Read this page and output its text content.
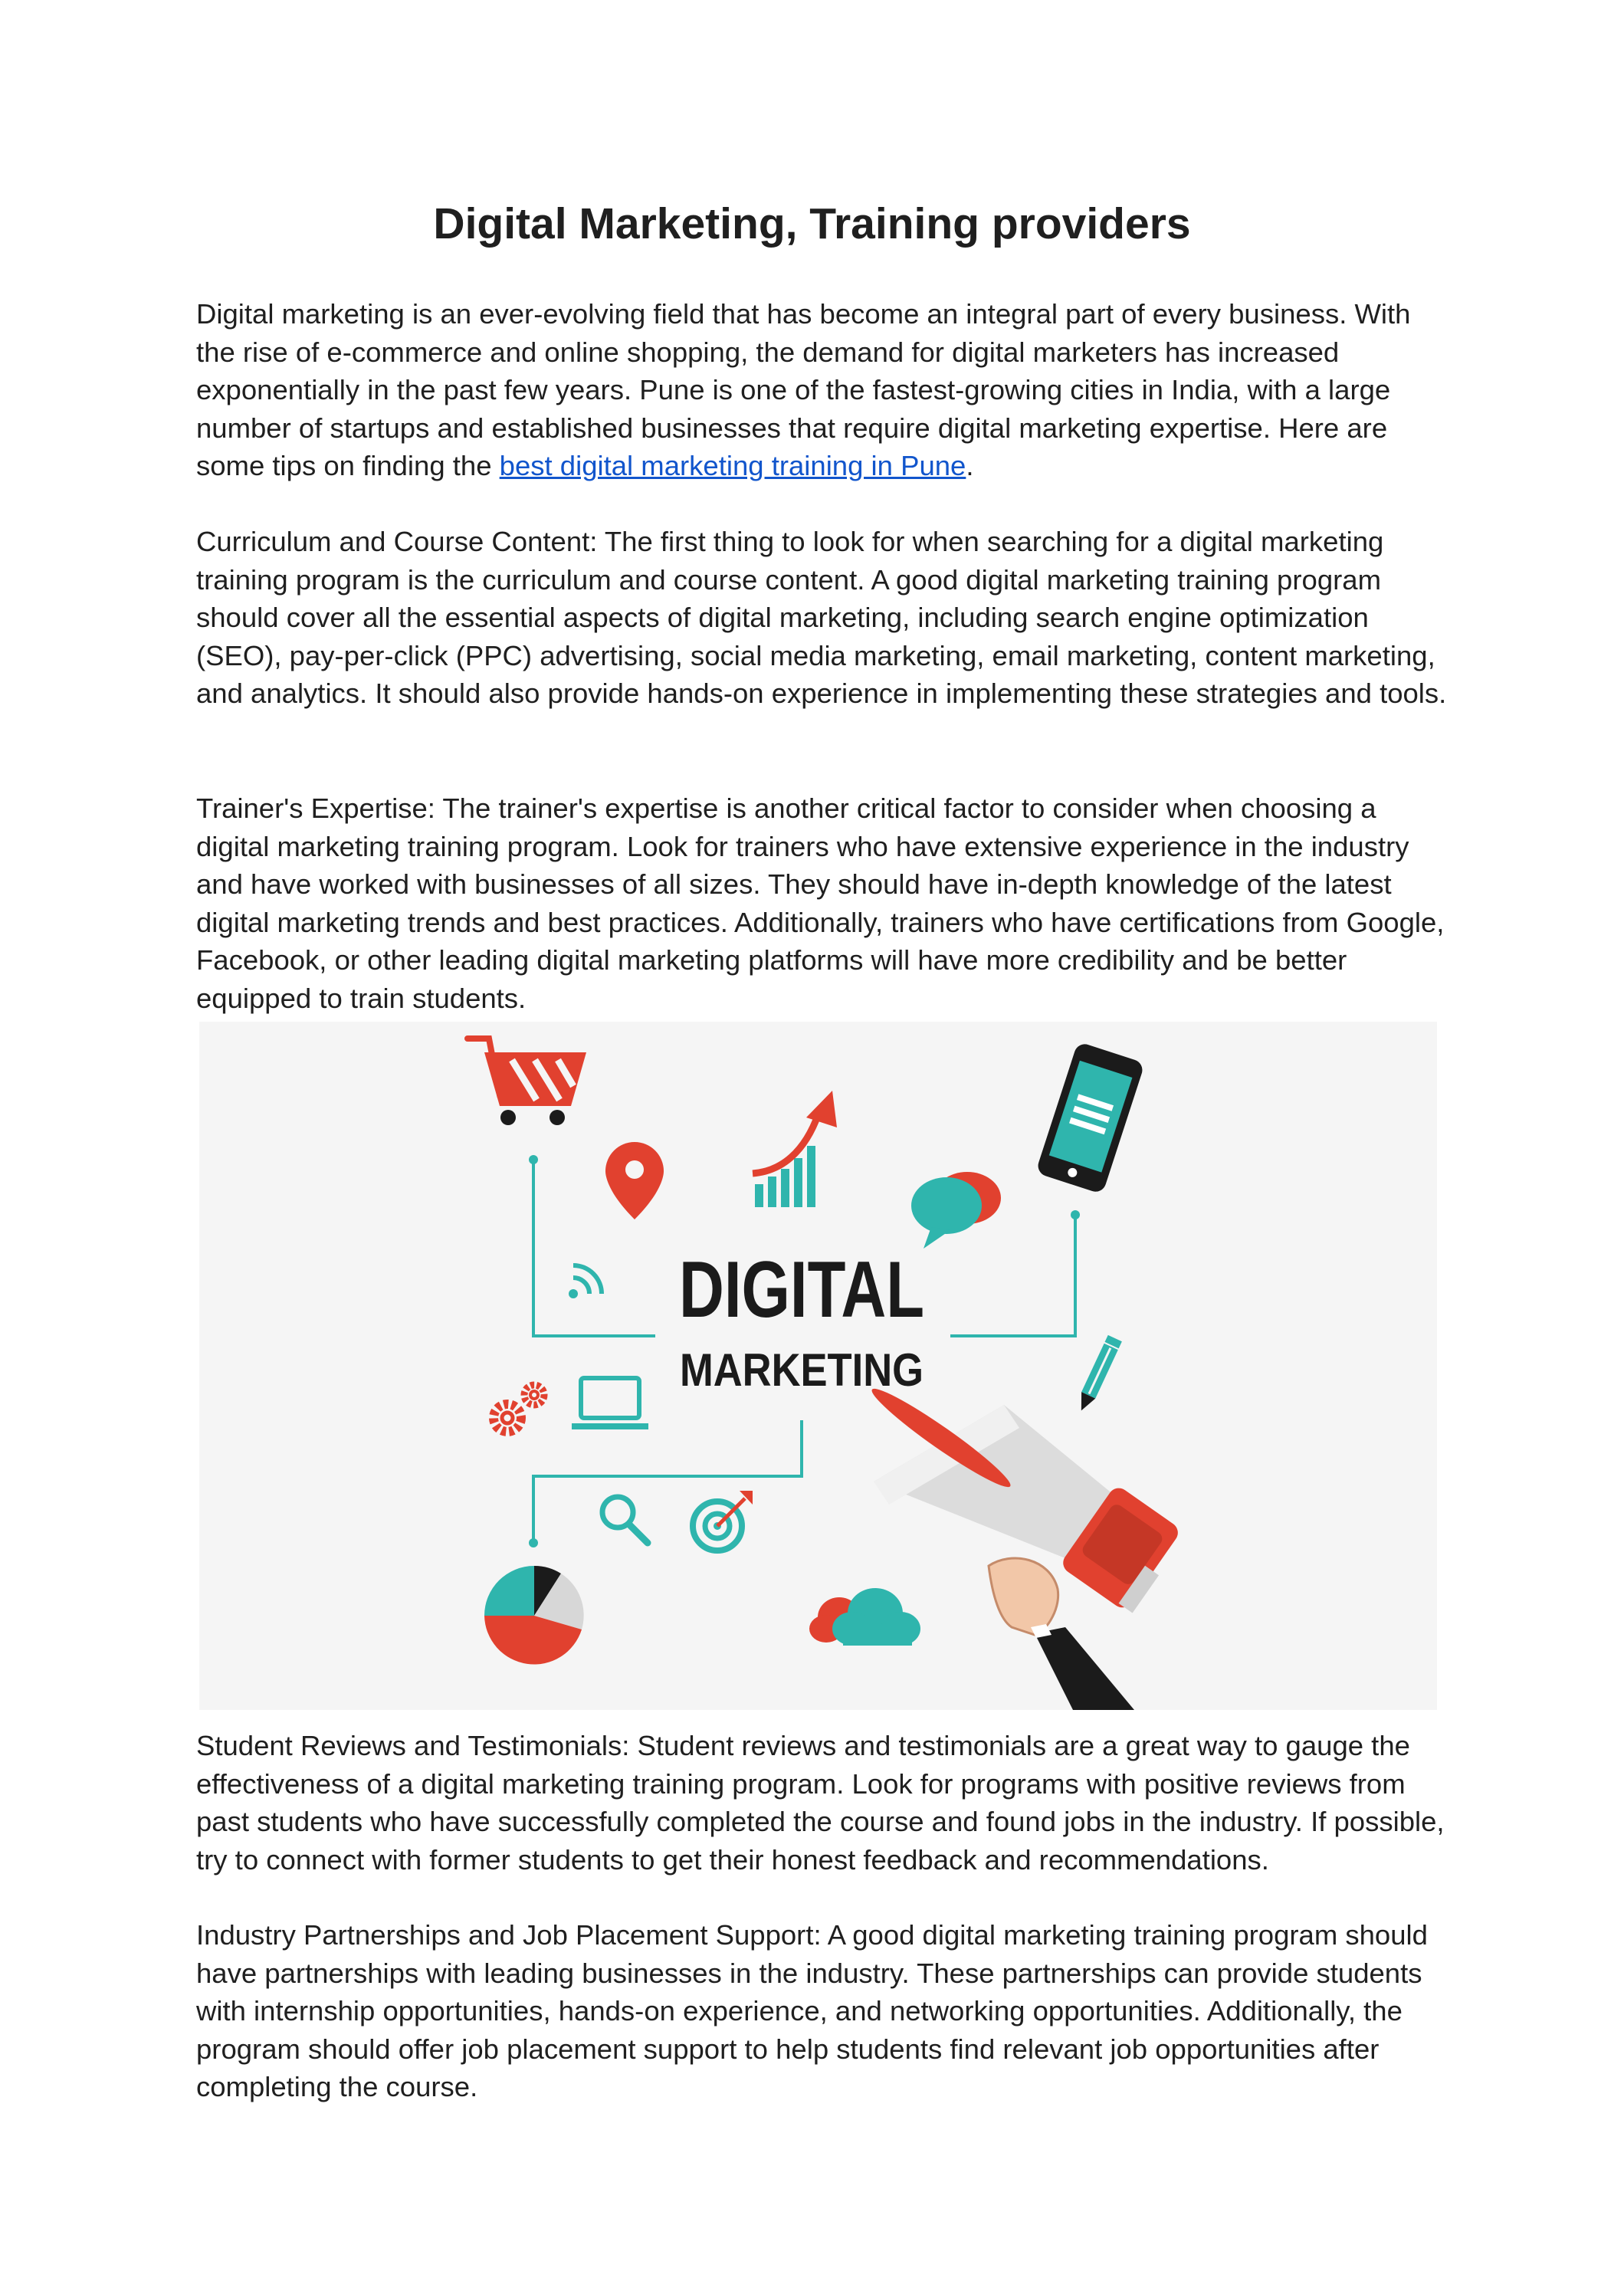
Digital Marketing, Training providers

Digital marketing is an ever-evolving field that has become an integral part of every business. With the rise of e-commerce and online shopping, the demand for digital marketers has increased exponentially in the past few years. Pune is one of the fastest-growing cities in India, with a large number of startups and established businesses that require digital marketing expertise. Here are some tips on finding the best digital marketing training in Pune.

Curriculum and Course Content: The first thing to look for when searching for a digital marketing training program is the curriculum and course content. A good digital marketing training program should cover all the essential aspects of digital marketing, including search engine optimization (SEO), pay-per-click (PPC) advertising, social media marketing, email marketing, content marketing, and analytics. It should also provide hands-on experience in implementing these strategies and tools.

Trainer's Expertise: The trainer's expertise is another critical factor to consider when choosing a digital marketing training program. Look for trainers who have extensive experience in the industry and have worked with businesses of all sizes. They should have in-depth knowledge of the latest digital marketing trends and best practices. Additionally, trainers who have certifications from Google, Facebook, or other leading digital marketing platforms will have more credibility and be better equipped to train students.

DIGITAL
MARKETING

Student Reviews and Testimonials: Student reviews and testimonials are a great way to gauge the effectiveness of a digital marketing training program. Look for programs with positive reviews from past students who have successfully completed the course and found jobs in the industry. If possible, try to connect with former students to get their honest feedback and recommendations.

Industry Partnerships and Job Placement Support: A good digital marketing training program should have partnerships with leading businesses in the industry. These partnerships can provide students with internship opportunities, hands-on experience, and networking opportunities. Additionally, the program should offer job placement support to help students find relevant job opportunities after completing the course.
